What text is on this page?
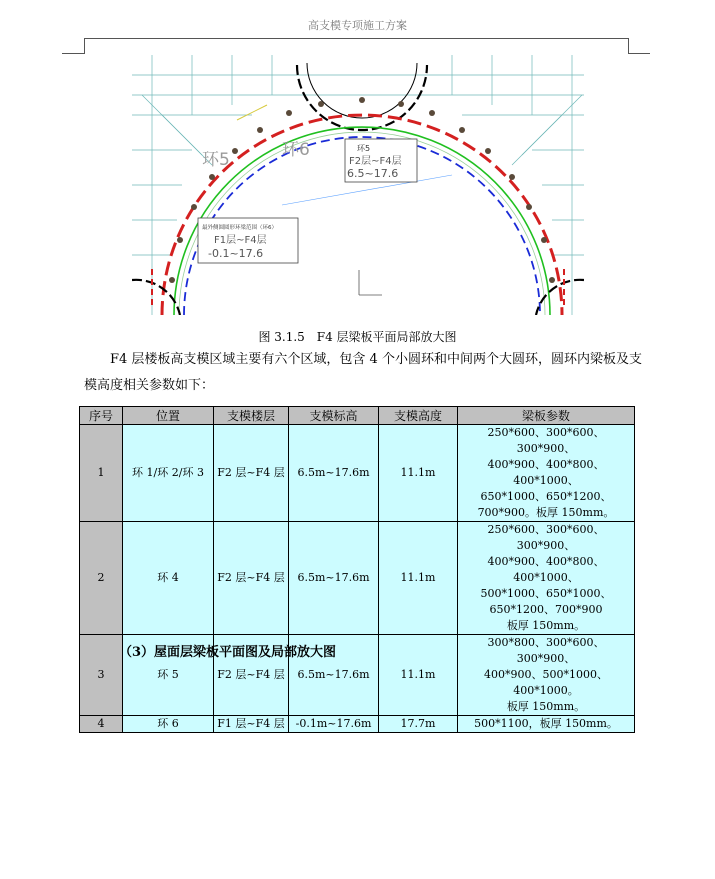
高支模专项施工方案
环5	环6	环5
F2层~F4层
6.5~17.6
最外侧圆圆形环梁范围（环6）
F1层~F4层
-0.1~17.6
图 3.1.5　F4 层梁板平面局部放大图
F4 层楼板高支模区域主要有六个区域，包含 4 个小圆环和中间两个大圆环，圆环内梁板及支模高度相关参数如下：
序号	位置	支模楼层	支模标高	支模高度	梁板参数
1	环 1/环 2/环 3	F2 层~F4 层	6.5m~17.6m	11.1m	250*600、300*600、300*900、
400*900、400*800、400*1000、
650*1000、650*1200、
700*900。板厚 150mm。

2	环 4	F2 层~F4 层	6.5m~17.6m	11.1m	250*600、300*600、300*900、
400*900、400*800、400*1000、
500*1000、650*1000、
650*1200、700*900
板厚 150mm。

3	环 5	F2 层~F4 层	6.5m~17.6m	11.1m	300*800、300*600、300*900、
400*900、500*1000、400*1000。
板厚 150mm。

4	环 6	F1 层~F4 层	-0.1m~17.6m	17.7m	500*1100，板厚 150mm。
（3）屋面层梁板平面图及局部放大图
